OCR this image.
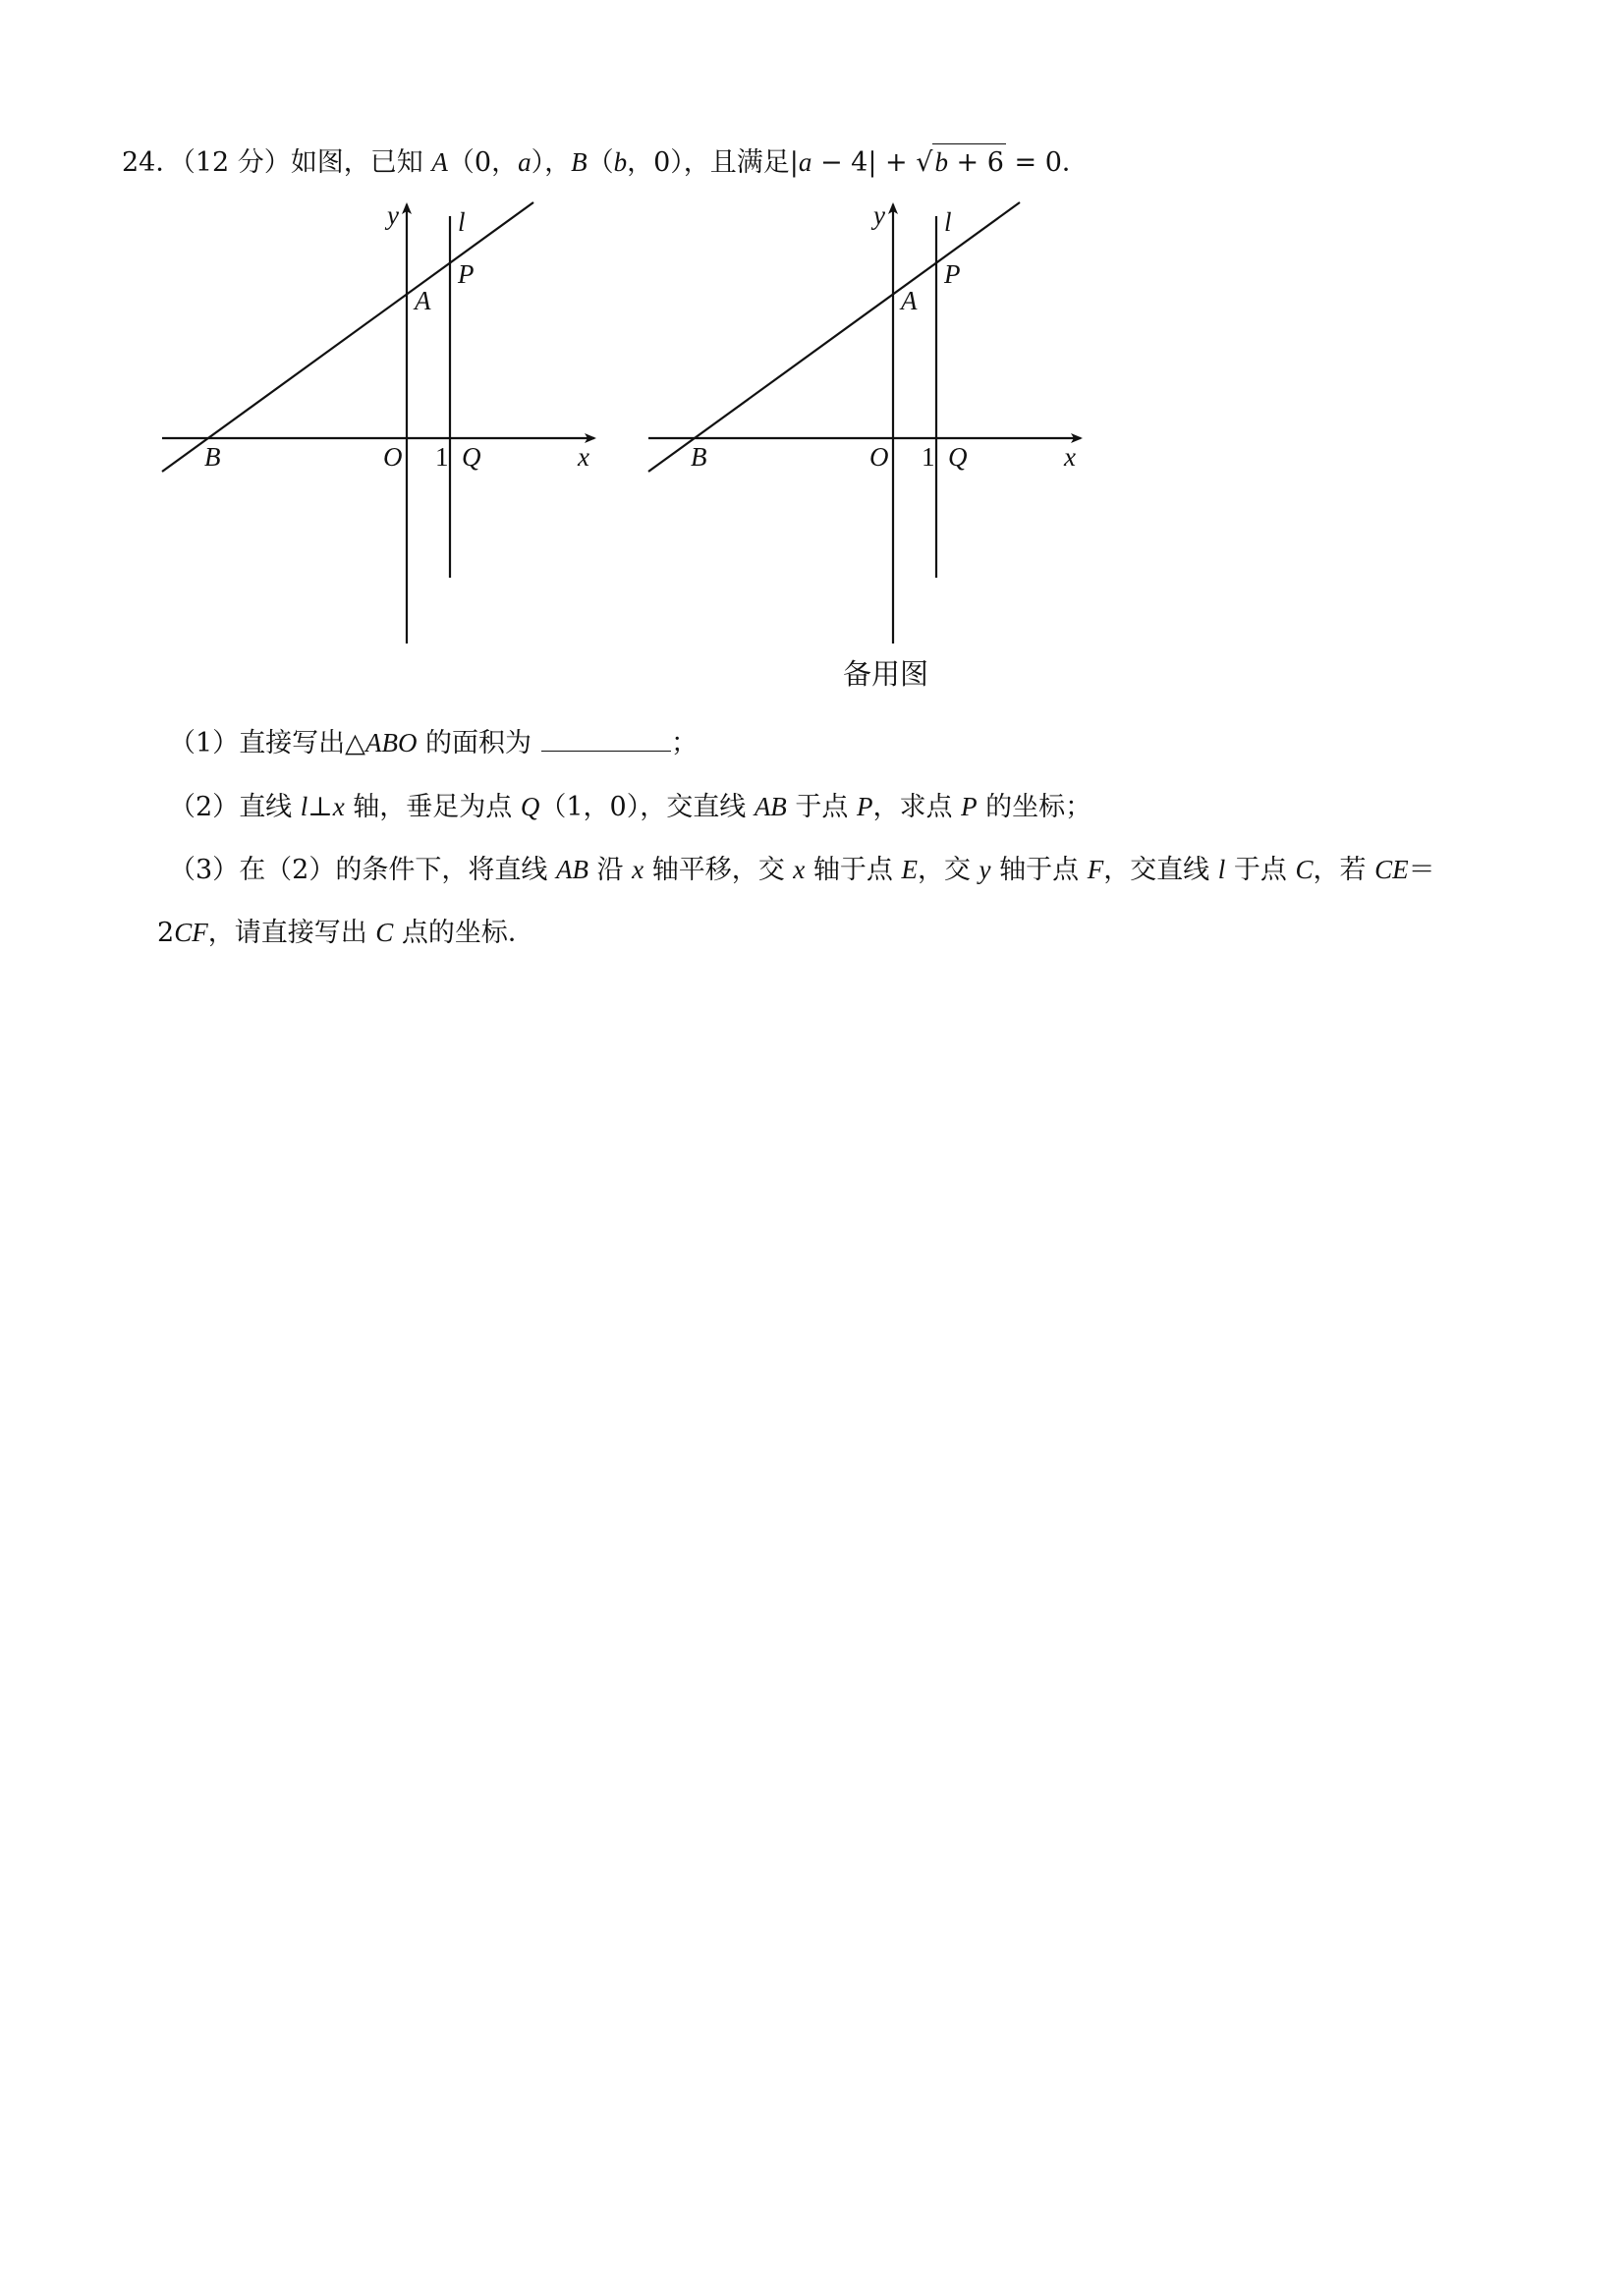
24．（12 分）如图，已知 A（0，a），B（b，0），且满足|a − 4| + √b + 6 = 0．
y l
P
A
B	O 1 Q	x
y l
P
A
B	O 1 Q	x
备用图
（1）直接写出△ABO 的面积为	；
（2）直线 l⊥x 轴，垂足为点 Q（1，0），交直线 AB 于点 P，求点 P 的坐标；
（3）在（2）的条件下，将直线 AB 沿 x 轴平移，交 x 轴于点 E，交 y 轴于点 F，交直线 l 于点 C，若 CE＝
2CF，请直接写出 C 点的坐标．
